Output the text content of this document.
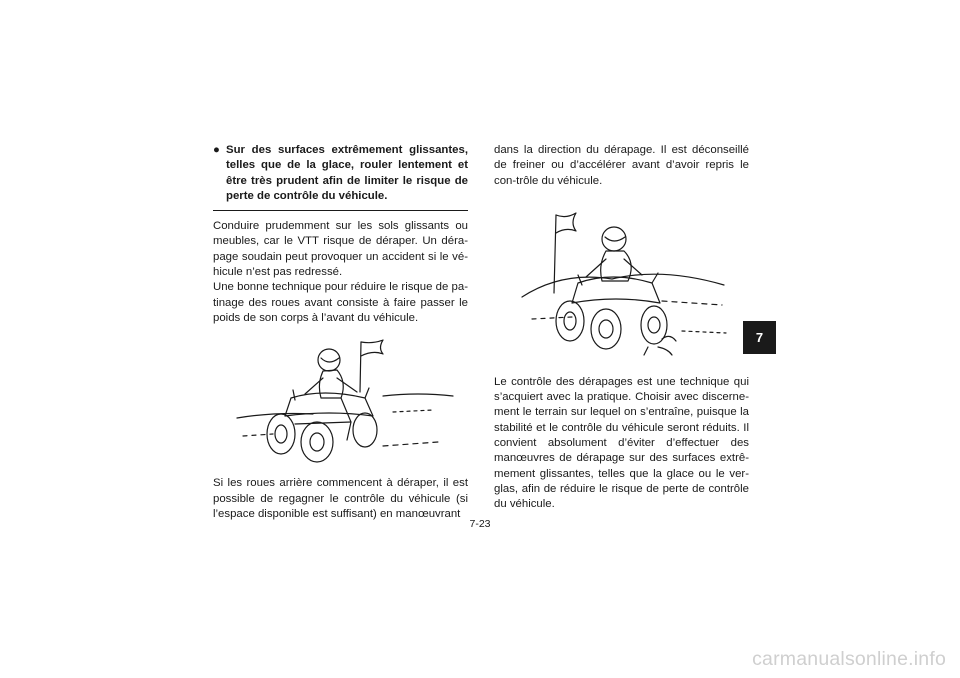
● Sur des surfaces extrêmement glissantes, telles que de la glace, rouler lentement et être très prudent afin de limiter le risque de perte de contrôle du véhicule.

Conduire prudemment sur les sols glissants ou meubles, car le VTT risque de déraper. Un déra-page soudain peut provoquer un accident si le vé-hicule n’est pas redressé.

Une bonne technique pour réduire le risque de pa-tinage des roues avant consiste à faire passer le poids de son corps à l’avant du véhicule.

Si les roues arrière commencent à déraper, il est possible de regagner le contrôle du véhicule (si l’espace disponible est suffisant) en manœuvrant

dans la direction du dérapage. Il est déconseillé de freiner ou d’accélérer avant d’avoir repris le con-trôle du véhicule.

Le contrôle des dérapages est une technique qui s’acquiert avec la pratique. Choisir avec discerne-ment le terrain sur lequel on s’entraîne, puisque la stabilité et le contrôle du véhicule seront réduits. Il convient absolument d’éviter d’effectuer des manœuvres de dérapage sur des surfaces extrê-mement glissantes, telles que la glace ou le ver-glas, afin de réduire le risque de perte de contrôle du véhicule.

7
7-23
carmanualsonline.info
